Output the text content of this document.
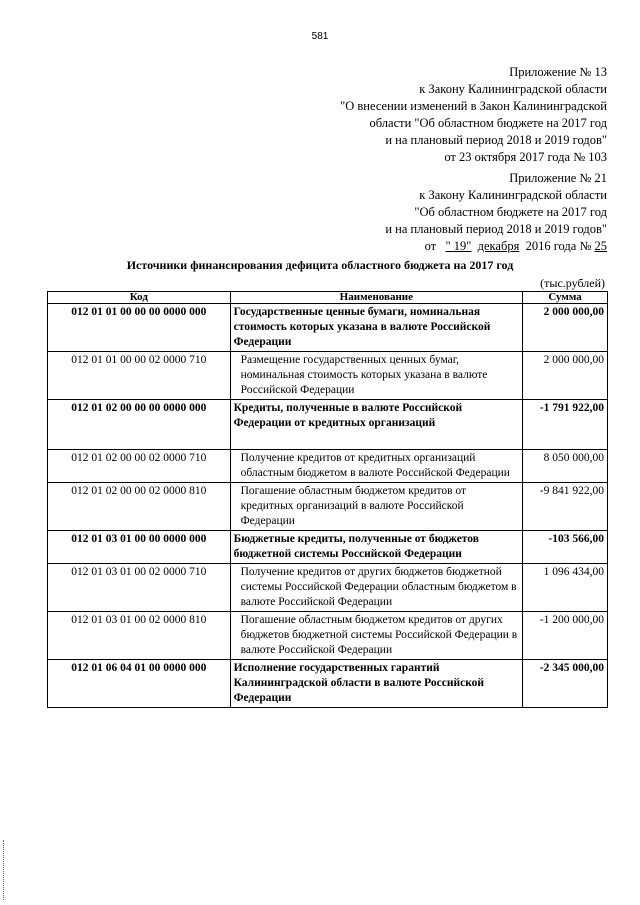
581
Приложение № 13
к Закону Калининградской области
"О внесении изменений в Закон Калининградской
области "Об областном бюджете на 2017 год
и на плановый период 2018 и 2019 годов"
от 23 октября 2017 года № 103
Приложение № 21
к Закону Калининградской области
"Об областном бюджете на 2017 год
и на плановый период 2018 и 2019 годов"
от " 19" декабря 2016 года № 25
Источники финансирования дефицита областного бюджета на 2017 год
(тыс.рублей)
Код	Наименование	Сумма
012 01 01 00 00 00 0000 000	Государственные ценные бумаги, номинальная стоимость которых указана в валюте Российской Федерации	2 000 000,00
012 01 01 00 00 02 0000 710	Размещение государственных ценных бумаг, номинальная стоимость которых указана в валюте Российской Федерации	2 000 000,00
012 01 02 00 00 00 0000 000	Кредиты, полученные в валюте Российской Федерации от кредитных организаций	-1 791 922,00
012 01 02 00 00 02 0000 710	Получение кредитов от кредитных организаций областным бюджетом в валюте Российской Федерации	8 050 000,00
012 01 02 00 00 02 0000 810	Погашение областным бюджетом кредитов от кредитных организаций в валюте Российской Федерации	-9 841 922,00
012 01 03 01 00 00 0000 000	Бюджетные кредиты, полученные от бюджетов бюджетной системы Российской Федерации	-103 566,00
012 01 03 01 00 02 0000 710	Получение кредитов от других бюджетов бюджетной системы Российской Федерации областным бюджетом в валюте Российской Федерации	1 096 434,00
012 01 03 01 00 02 0000 810	Погашение областным бюджетом кредитов от других бюджетов бюджетной системы Российской Федерации в валюте Российской Федерации	-1 200 000,00
012 01 06 04 01 00 0000 000	Исполнение государственных гарантий Калининградской области в валюте Российской Федерации	-2 345 000,00
